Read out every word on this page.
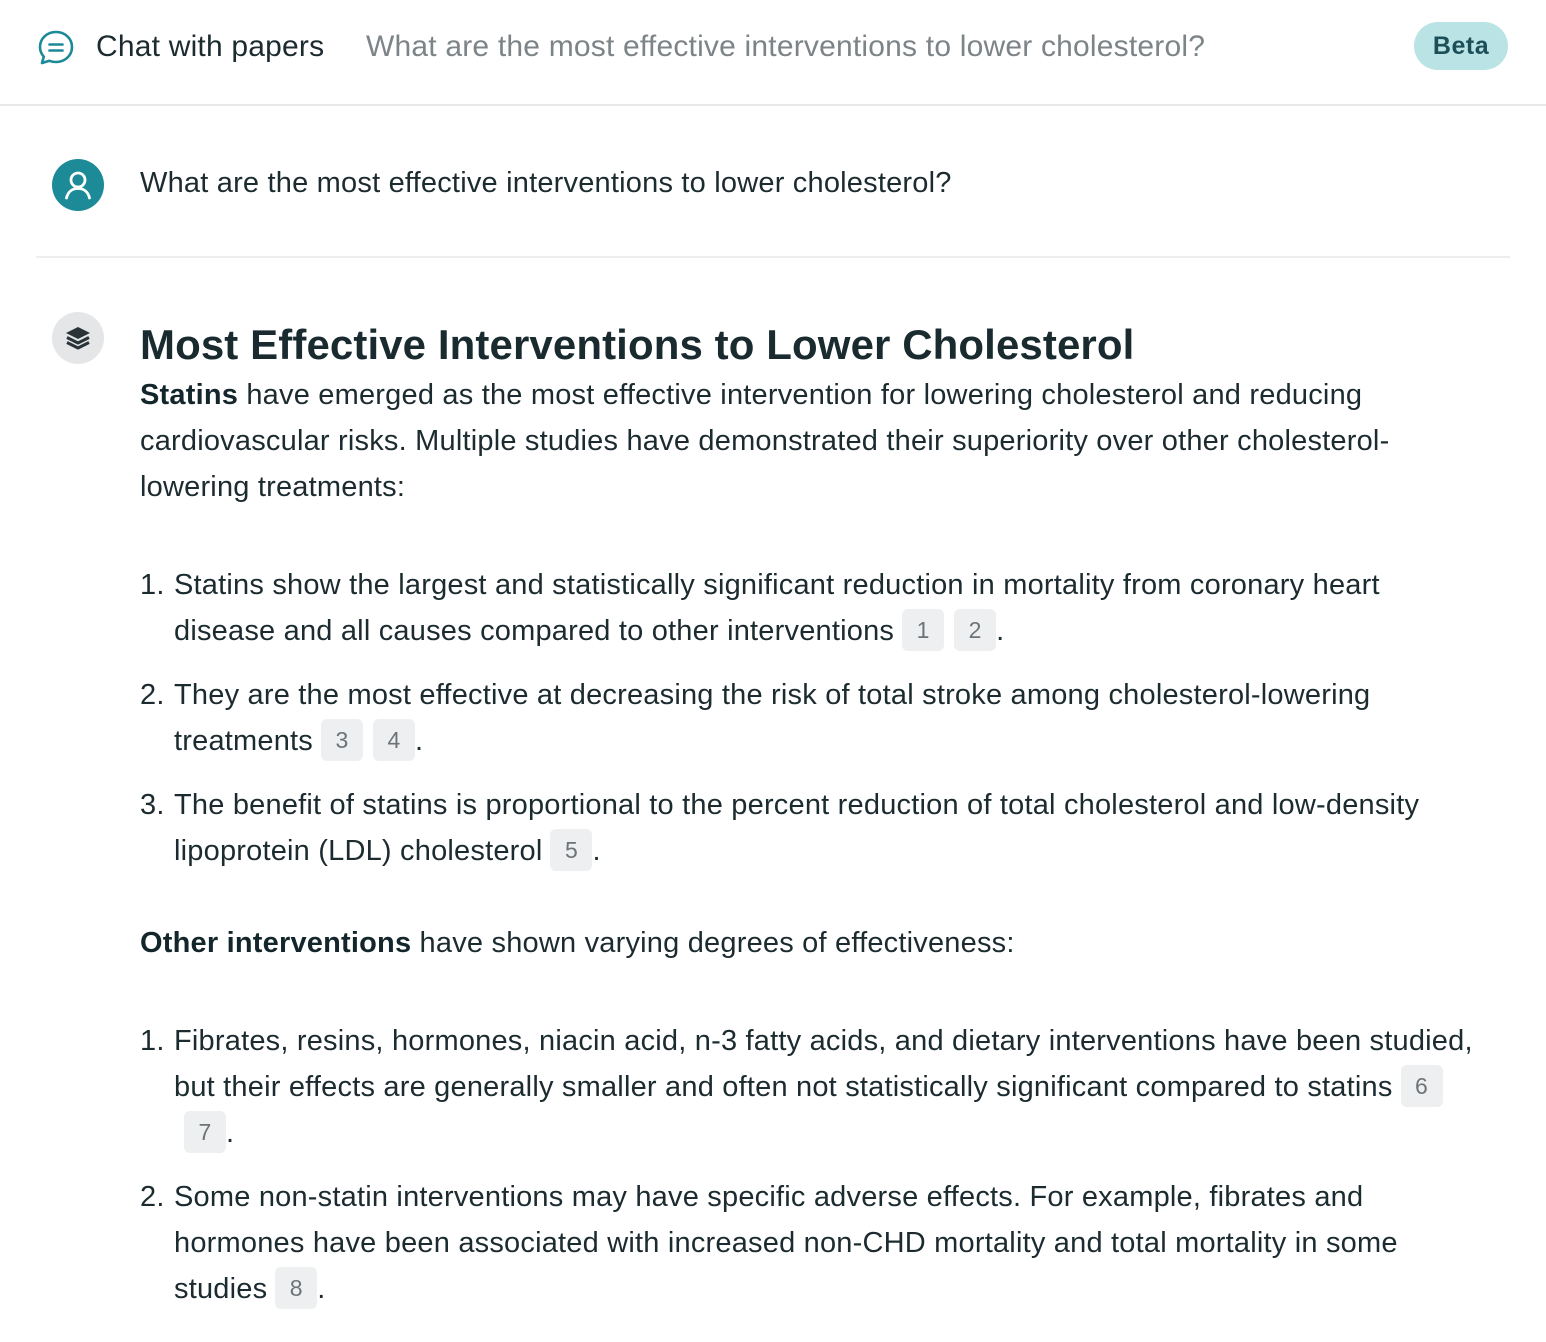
Chat with papers What are the most effective interventions to lower cholesterol?	Beta
What are the most effective interventions to lower cholesterol?
Most Effective Interventions to Lower Cholesterol

Statins have emerged as the most effective intervention for lowering cholesterol and reducing cardiovascular risks. Multiple studies have demonstrated their superiority over other cholesterol-lowering treatments:

1. Statins show the largest and statistically significant reduction in mortality from coronary heart disease and all causes compared to other interventions 1 2 .
2. They are the most effective at decreasing the risk of total stroke among cholesterol-lowering treatments 3 4 .
3. The benefit of statins is proportional to the percent reduction of total cholesterol and low-density lipoprotein (LDL) cholesterol 5 .

Other interventions have shown varying degrees of effectiveness:

1. Fibrates, resins, hormones, niacin acid, n-3 fatty acids, and dietary interventions have been studied, but their effects are generally smaller and often not statistically significant compared to statins 67 .
2. Some non-statin interventions may have specific adverse effects. For example, fibrates and hormones have been associated with increased non-CHD mortality and total mortality in some studies 8 .
